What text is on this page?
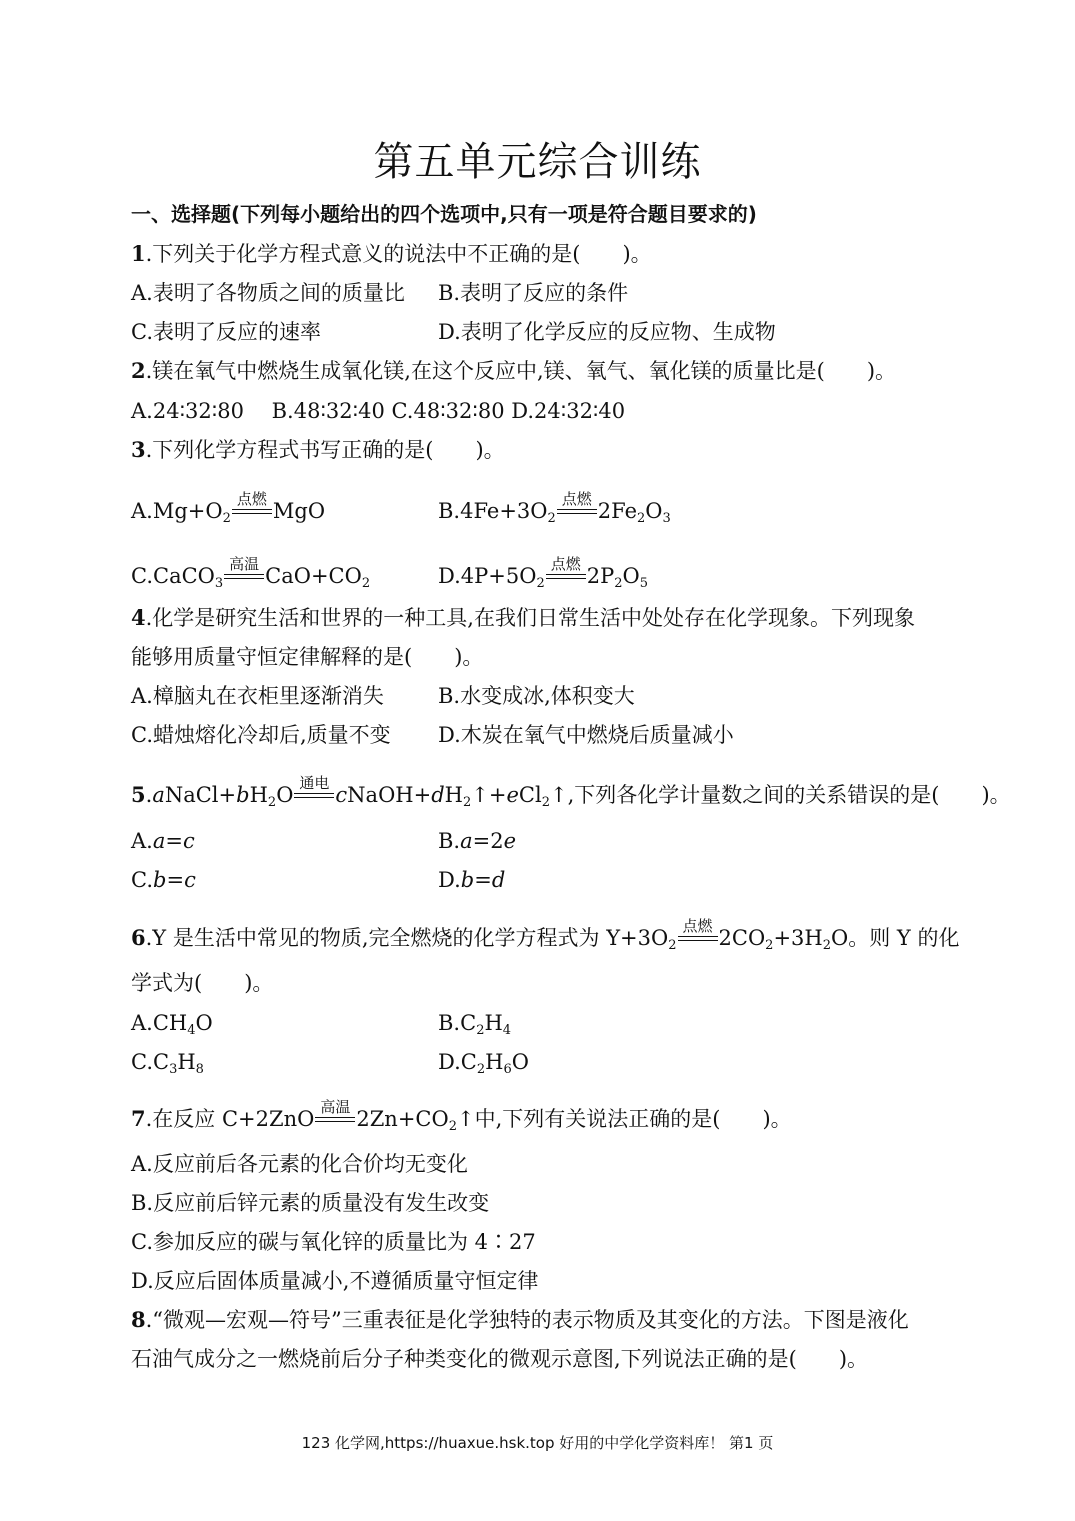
第五单元综合训练
一、选择题(下列每小题给出的四个选项中,只有一项是符合题目要求的)
1.下列关于化学方程式意义的说法中不正确的是(　　)。
A.表明了各物质之间的质量比 B.表明了反应的条件
C.表明了反应的速率	D.表明了化学反应的反应物、生成物
2.镁在氧气中燃烧生成氧化镁,在这个反应中,镁、氧气、氧化镁的质量比是(　　)。
A.24∶32∶80　 B.48∶32∶40 C.48∶32∶80 D.24∶32∶40
3.下列化学方程式书写正确的是(　　)。
$A.Mg+O_2$
点燃 MgO	$B.4Fe+3O_2$
点燃 $2Fe_2O_3$
C.CaCO$_3$
高温 $CaO+CO_2$	$D.4P+5O_2$
点燃 $2P_2O_5$
4.化学是研究生活和世界的一种工具,在我们日常生活中处处存在化学现象。下列现象
能够用质量守恒定律解释的是(　　)。
A.樟脑丸在衣柜里逐渐消失	B.水变成冰,体积变大
C.蜡烛熔化冷却后,质量不变 D.木炭在氧气中燃烧后质量减小
$5.aNaCl+bH_2O$ 通电 $cNaOH+dH_2↑+eCl_2↑$,下列各化学计量数之间的关系错误的是(　　)。
A.a=c	B.a=2e
C.b=c	D.b=d
6.Y 是生活中常见的物质,完全燃烧的化学方程式为 $Y+3O_2$
点燃 $2CO_2+3H_2O$。则 Y 的化
学式为(　　)。
$A.CH_4O$	$B.C_2H_4$
$C.C_3H_8$	$D.C_2H_6O$
7.在反应 C+2ZnO 高温 $2Zn+CO_2↑$中,下列有关说法正确的是(　　)。
A.反应前后各元素的化合价均无变化
B.反应前后锌元素的质量没有发生改变
C.参加反应的碳与氧化锌的质量比为 4∶27
D.反应后固体质量减小,不遵循质量守恒定律
8.“微观—宏观—符号”三重表征是化学独特的表示物质及其变化的方法。下图是液化
石油气成分之一燃烧前后分子种类变化的微观示意图,下列说法正确的是(　　)。
123 化学网,https://huaxue.hsk.top 好用的中学化学资料库！ 第1 页
